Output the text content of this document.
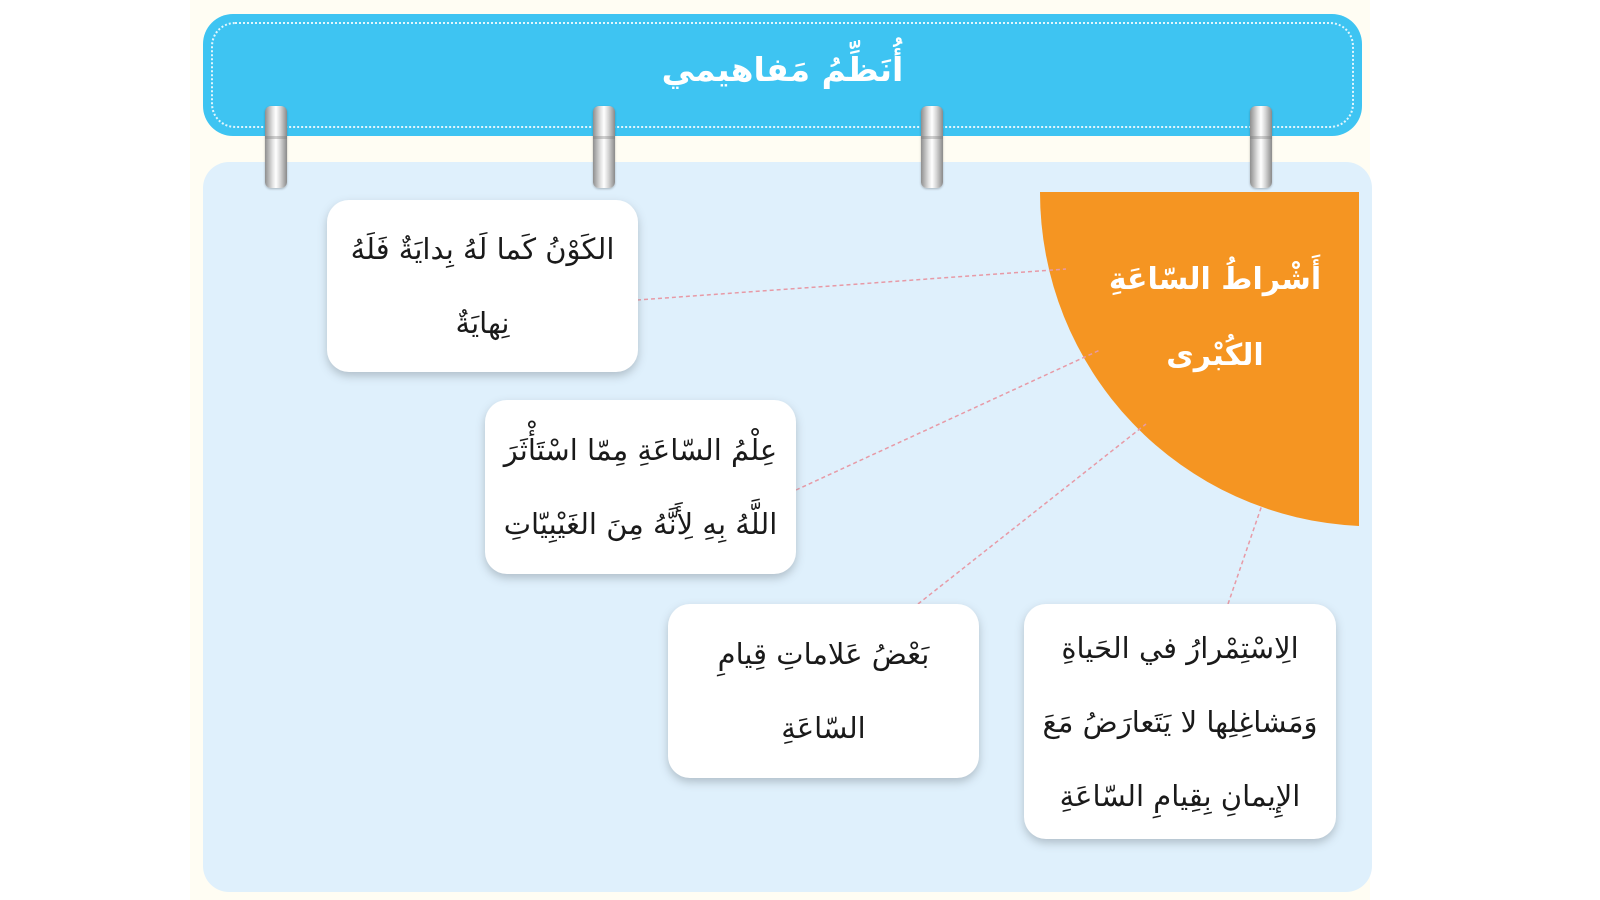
أُنَظِّمُ مَفاهيمي
أَشْراطُ السّاعَةِ
الكُبْرى
الكَوْنُ كَما لَهُ بِدايَةٌ فَلَهُ
نِهايَةٌ
عِلْمُ السّاعَةِ مِمّا اسْتَأْثَرَ
اللَّهُ بِهِ لِأَنَّهُ مِنَ الغَيْبِيّاتِ
بَعْضُ عَلاماتِ قِيامِ
السّاعَةِ
الِاسْتِمْرارُ في الحَياةِ
وَمَشاغِلِها لا يَتَعارَضُ مَعَ
الإِيمانِ بِقِيامِ السّاعَةِ
